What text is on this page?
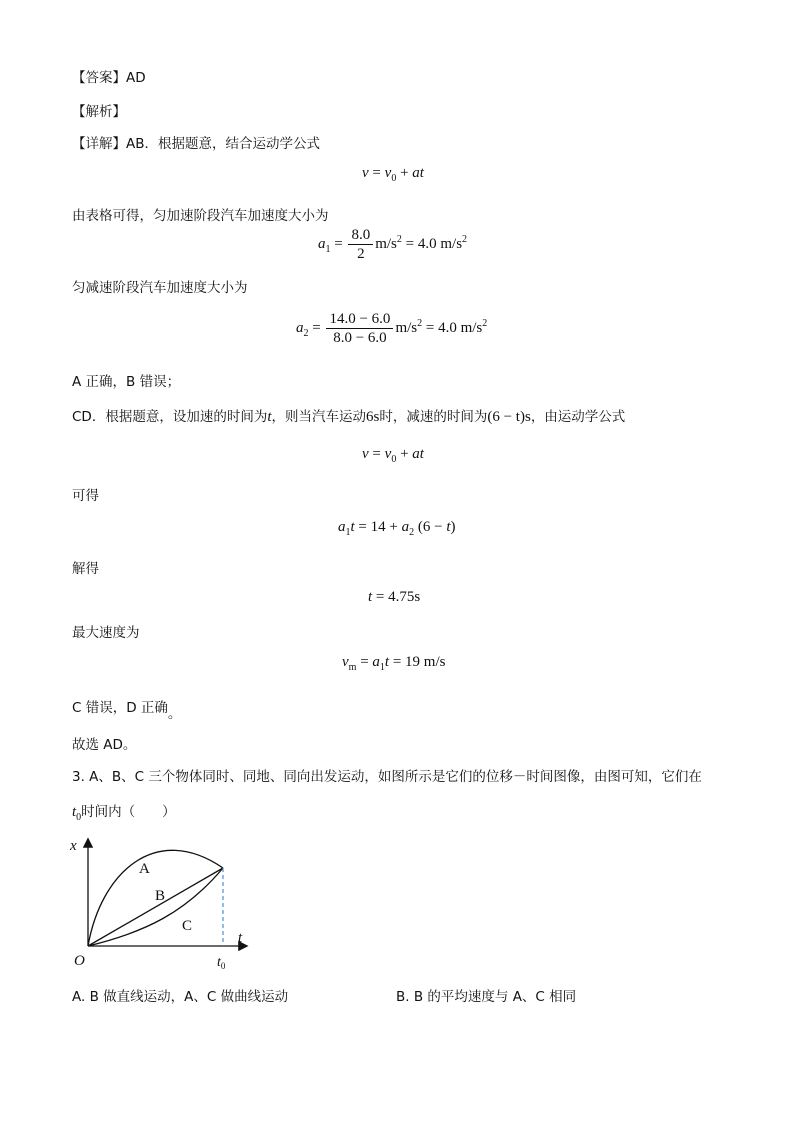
【答案】AD
【解析】
【详解】AB．根据题意，结合运动学公式
$v = v_0$ + at
由表格可得，匀加速阶段汽车加速度大小为
$a_1 = \frac{8.0}{2} m/s^2 = 4.0$ $m/s^2$
匀减速阶段汽车加速度大小为
$a_2 = \frac{14.0 - 6.0}{8.0 - 6.0} m/s^2 = 4.0$ $m/s^2$
A 正确，B 错误；
CD．根据题意，设加速的时间为t，则当汽车运动6s时，减速的时间为(6 − t)s，由运动学公式
$v = v_0$ + at
可得
$a_1t = 14 + a_2$ (6 − t)
解得
t = 4.75s
最大速度为
$v_m = a_1t = 19$ m/s
C 错误，D 正确。
故选 AD。
3. A、B、C 三个物体同时、同地、同向出发运动，如图所示是它们的位移－时间图像，由图可知，它们在
$t_0$时间内（　　）
x
t
O	$t_0$
A
B
C
A. B 做直线运动，A、C 做曲线运动	B. B 的平均速度与 A、C 相同
